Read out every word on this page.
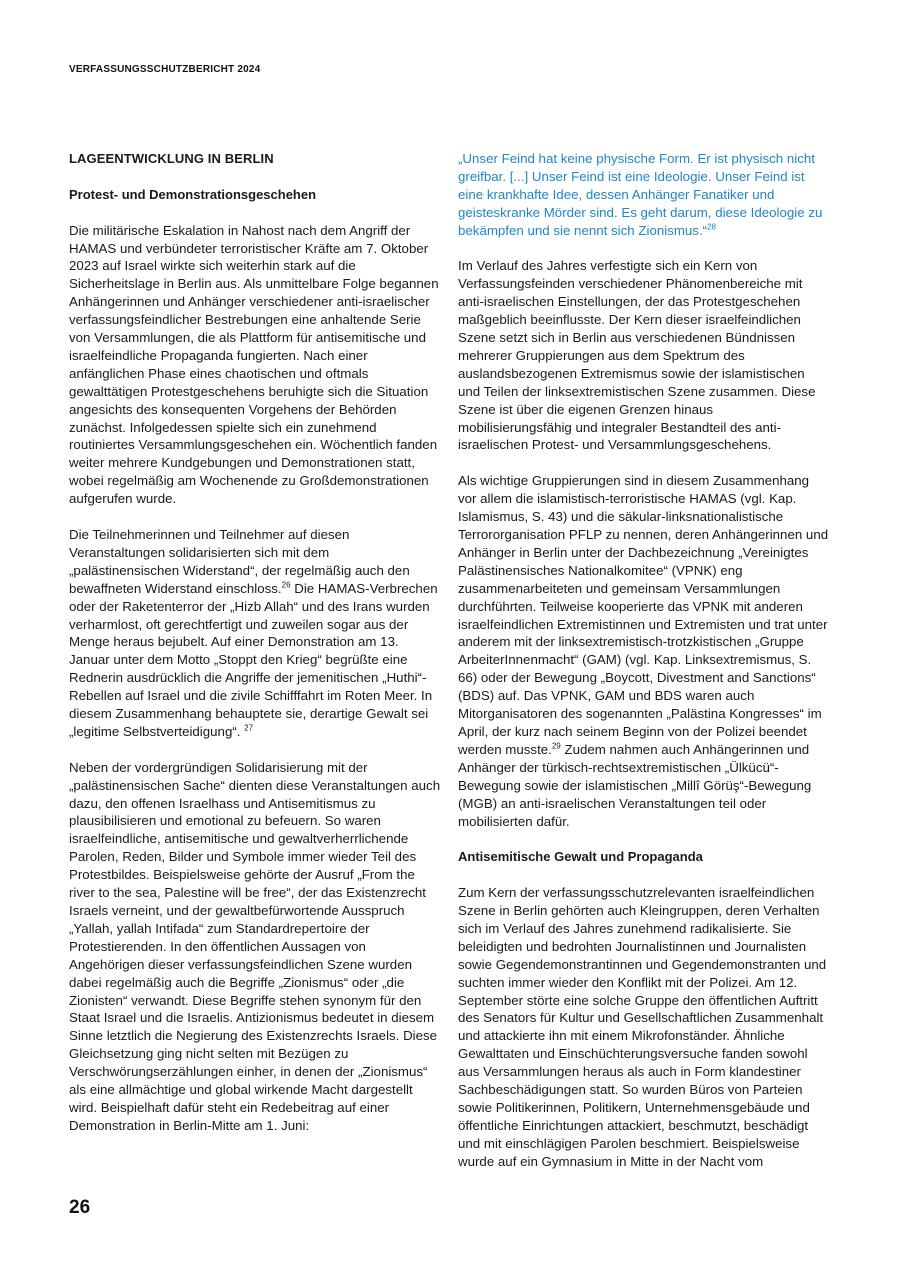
VERFASSUNGSSCHUTZBERICHT 2024
LAGEENTWICKLUNG IN BERLIN
Protest- und Demonstrationsgeschehen

Die militärische Eskalation in Nahost nach dem Angriff der HAMAS und verbündeter terroristischer Kräfte am 7. Oktober 2023 auf Israel wirkte sich weiterhin stark auf die Sicherheitslage in Berlin aus. Als unmittelbare Folge begannen Anhängerinnen und Anhänger verschiedener anti-israelischer verfassungsfeindlicher Bestrebungen eine anhaltende Serie von Versammlungen, die als Plattform für antisemitische und israelfeindliche Propaganda fungierten. Nach einer anfänglichen Phase eines chaotischen und oftmals gewalttätigen Protestgeschehens beruhigte sich die Situation angesichts des konsequenten Vorgehens der Behörden zunächst. Infolgedessen spielte sich ein zunehmend routiniertes Versammlungsgeschehen ein. Wöchentlich fanden weiter mehrere Kundgebungen und Demonstrationen statt, wobei regelmäßig am Wochenende zu Großdemonstrationen aufgerufen wurde.

Die Teilnehmerinnen und Teilnehmer auf diesen Veranstaltungen solidarisierten sich mit dem „palästinensischen Widerstand“, der regelmäßig auch den bewaffneten Widerstand einschloss.$^{26}$ Die HAMAS-Verbrechen oder der Raketenterror der „Hizb Allah“ und des Irans wurden verharmlost, oft gerechtfertigt und zuweilen sogar aus der Menge heraus bejubelt. Auf einer Demonstration am 13. Januar unter dem Motto „Stoppt den Krieg“ begrüßte eine Rednerin ausdrücklich die Angriffe der jemenitischen „Huthi“-Rebellen auf Israel und die zivile Schifffahrt im Roten Meer. In diesem Zusammenhang behauptete sie, derartige Gewalt sei „legitime Selbstverteidigung“. $^{27}$

Neben der vordergründigen Solidarisierung mit der „palästinensischen Sache“ dienten diese Veranstaltungen auch dazu, den offenen Israelhass und Antisemitismus zu plausibilisieren und emotional zu befeuern. So waren israelfeindliche, antisemitische und gewaltverherrlichende Parolen, Reden, Bilder und Symbole immer wieder Teil des Protestbildes. Beispielsweise gehörte der Ausruf „From the river to the sea, Palestine will be free“, der das Existenzrecht Israels verneint, und der gewaltbefürwortende Ausspruch „Yallah, yallah Intifada“ zum Standardrepertoire der Protestierenden. In den öffentlichen Aussagen von Angehörigen dieser verfassungsfeindlichen Szene wurden dabei regelmäßig auch die Begriffe „Zionismus“ oder „die Zionisten“ verwandt. Diese Begriffe stehen synonym für den Staat Israel und die Israelis. Antizionismus bedeutet in diesem Sinne letztlich die Negierung des Existenzrechts Israels. Diese Gleichsetzung ging nicht selten mit Bezügen zu Verschwörungserzählungen einher, in denen der „Zionismus“ als eine allmächtige und global wirkende Macht dargestellt wird. Beispielhaft dafür steht ein Redebeitrag auf einer Demonstration in Berlin-Mitte am 1. Juni:

„Unser Feind hat keine physische Form. Er ist physisch nicht greifbar. [...] Unser Feind ist eine Ideologie. Unser Feind ist eine krankhafte Idee, dessen Anhänger Fanatiker und geisteskranke Mörder sind. Es geht darum, diese Ideologie zu bekämpfen und sie nennt sich Zionismus.“$^{28}$

Im Verlauf des Jahres verfestigte sich ein Kern von Verfassungsfeinden verschiedener Phänomenbereiche mit anti-israelischen Einstellungen, der das Protestgeschehen maßgeblich beeinflusste. Der Kern dieser israelfeindlichen Szene setzt sich in Berlin aus verschiedenen Bündnissen mehrerer Gruppierungen aus dem Spektrum des auslandsbezogenen Extremismus sowie der islamistischen und Teilen der linksextremistischen Szene zusammen. Diese Szene ist über die eigenen Grenzen hinaus mobilisierungsfähig und integraler Bestandteil des anti-israelischen Protest- und Versammlungsgeschehens.

Als wichtige Gruppierungen sind in diesem Zusammenhang vor allem die islamistisch-terroristische HAMAS (vgl. Kap. Islamismus, S. 43) und die säkular-linksnationalistische Terrororganisation PFLP zu nennen, deren Anhängerinnen und Anhänger in Berlin unter der Dachbezeichnung „Vereinigtes Palästinensisches Nationalkomitee“ (VPNK) eng zusammenarbeiteten und gemeinsam Versammlungen durchführten. Teilweise kooperierte das VPNK mit anderen israelfeindlichen Extremistinnen und Extremisten und trat unter anderem mit der linksextremistisch-trotzkistischen „Gruppe ArbeiterInnenmacht“ (GAM) (vgl. Kap. Linksextremismus, S. 66) oder der Bewegung „Boycott, Divestment and Sanctions“ (BDS) auf. Das VPNK, GAM und BDS waren auch Mitorganisatoren des sogenannten „Palästina Kongresses“ im April, der kurz nach seinem Beginn von der Polizei beendet werden musste.$^{29}$ Zudem nahmen auch Anhängerinnen und Anhänger der türkisch-rechtsextremistischen „Ülkücü“-Bewegung sowie der islamistischen „Millî Görüş“-Bewegung (MGB) an anti-israelischen Veranstaltungen teil oder mobilisierten dafür.

Antisemitische Gewalt und Propaganda

Zum Kern der verfassungsschutzrelevanten israelfeindlichen Szene in Berlin gehörten auch Kleingruppen, deren Verhalten sich im Verlauf des Jahres zunehmend radikalisierte. Sie beleidigten und bedrohten Journalistinnen und Journalisten sowie Gegendemonstrantinnen und Gegendemonstranten und suchten immer wieder den Konflikt mit der Polizei. Am 12. September störte eine solche Gruppe den öffentlichen Auftritt des Senators für Kultur und Gesellschaftlichen Zusammenhalt und attackierte ihn mit einem Mikrofonständer. Ähnliche Gewalttaten und Einschüchterungsversuche fanden sowohl aus Versammlungen heraus als auch in Form klandestiner Sachbeschädigungen statt. So wurden Büros von Parteien sowie Politikerinnen, Politikern, Unternehmensgebäude und öffentliche Einrichtungen attackiert, beschmutzt, beschädigt und mit einschlägigen Parolen beschmiert. Beispielsweise wurde auf ein Gymnasium in Mitte in der Nacht vom

26
